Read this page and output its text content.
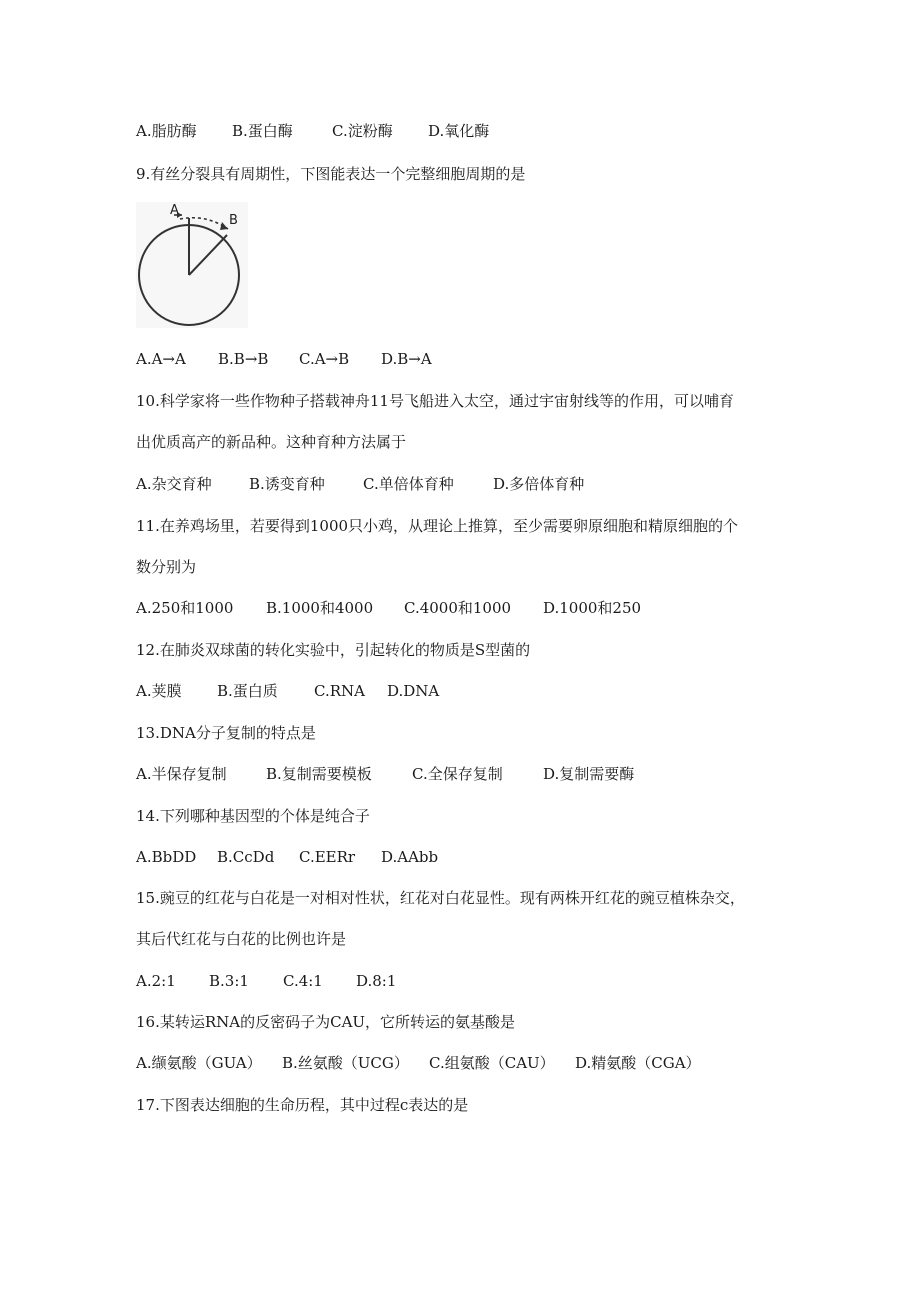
A.脂肪酶 B.蛋白酶	C.淀粉酶 D.氧化酶
9.有丝分裂具有周期性，下图能表达一个完整细胞周期的是
A
B
A.A→A B.B→B C.A→B D.B→A
10.科学家将一些作物种子搭载神舟11号飞船进入太空，通过宇宙射线等的作用，可以哺育
出优质高产的新品种。这种育种方法属于
A.杂交育种 B.诱变育种	C.单倍体育种	D.多倍体育种
11.在养鸡场里，若要得到1000只小鸡，从理论上推算，至少需要卵原细胞和精原细胞的个
数分别为
A.250和1000 B.1000和4000 C.4000和1000 D.1000和250
12.在肺炎双球菌的转化实验中，引起转化的物质是S型菌的
A.荚膜 B.蛋白质 C.RNA D.DNA
13.DNA分子复制的特点是
A.半保存复制	B.复制需要模板	C.全保存复制	D.复制需要酶
14.下列哪种基因型的个体是纯合子
A.BbDD B.CcDd C.EERr D.AAbb
15.豌豆的红花与白花是一对相对性状，红花对白花显性。现有两株开红花的豌豆植株杂交，
其后代红花与白花的比例也许是
A.2:1 B.3:1 C.4:1 D.8:1
16.某转运RNA的反密码子为CAU，它所转运的氨基酸是
A.缬氨酸（GUA） B.丝氨酸（UCG） C.组氨酸（CAU） D.精氨酸（CGA）
17.下图表达细胞的生命历程，其中过程c表达的是
